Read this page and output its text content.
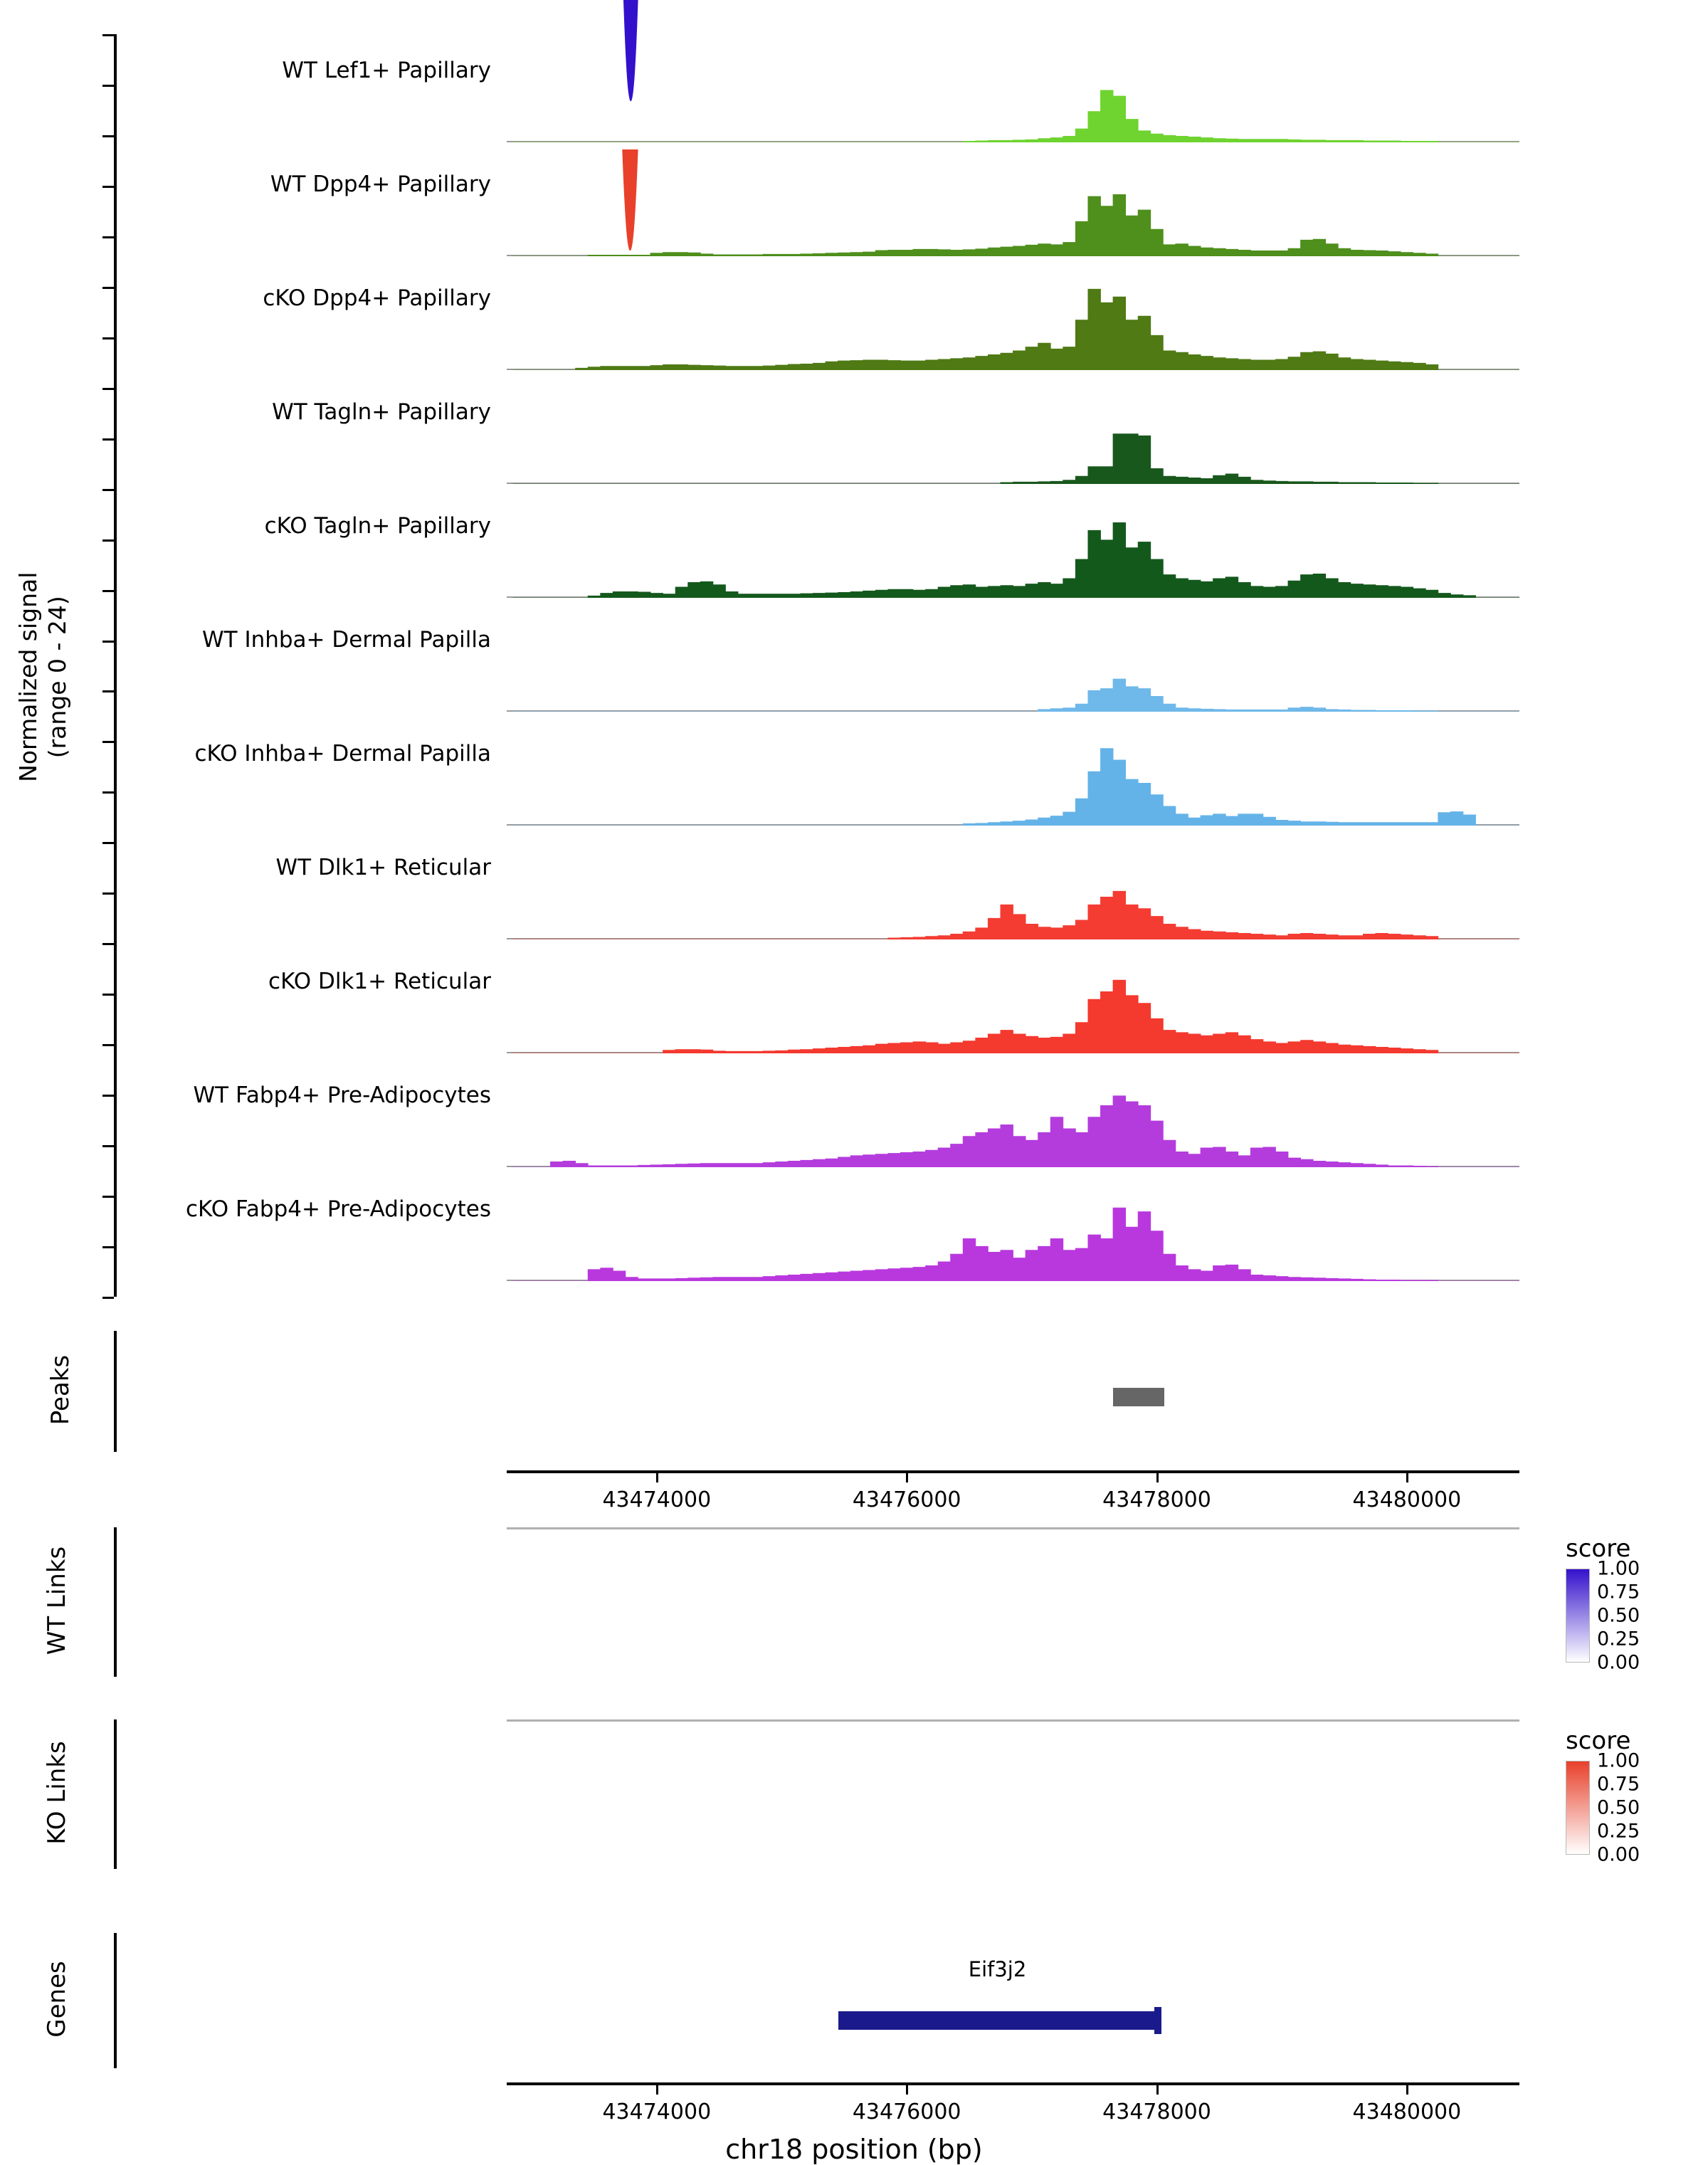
Normalized signal (range 0 - 24)
WT Lef1+ Papillary
WT Dpp4+ Papillary
cKO Dpp4+ Papillary
WT Tagln+ Papillary
cKO Tagln+ Papillary
WT Inhba+ Dermal Papilla
cKO Inhba+ Dermal Papilla
WT Dlk1+ Reticular
cKO Dlk1+ Reticular
WT Fabp4+ Pre-Adipocytes
cKO Fabp4+ Pre-Adipocytes
Peaks
43474000	43476000	43478000	43480000
WT Links
KO Links
score
1.00
0.75
0.50
0.25
0.00
score
1.00
0.75
0.50
0.25
0.00
Genes	Eif3j2
43474000	43476000	43478000	43480000
chr18 position (bp)
